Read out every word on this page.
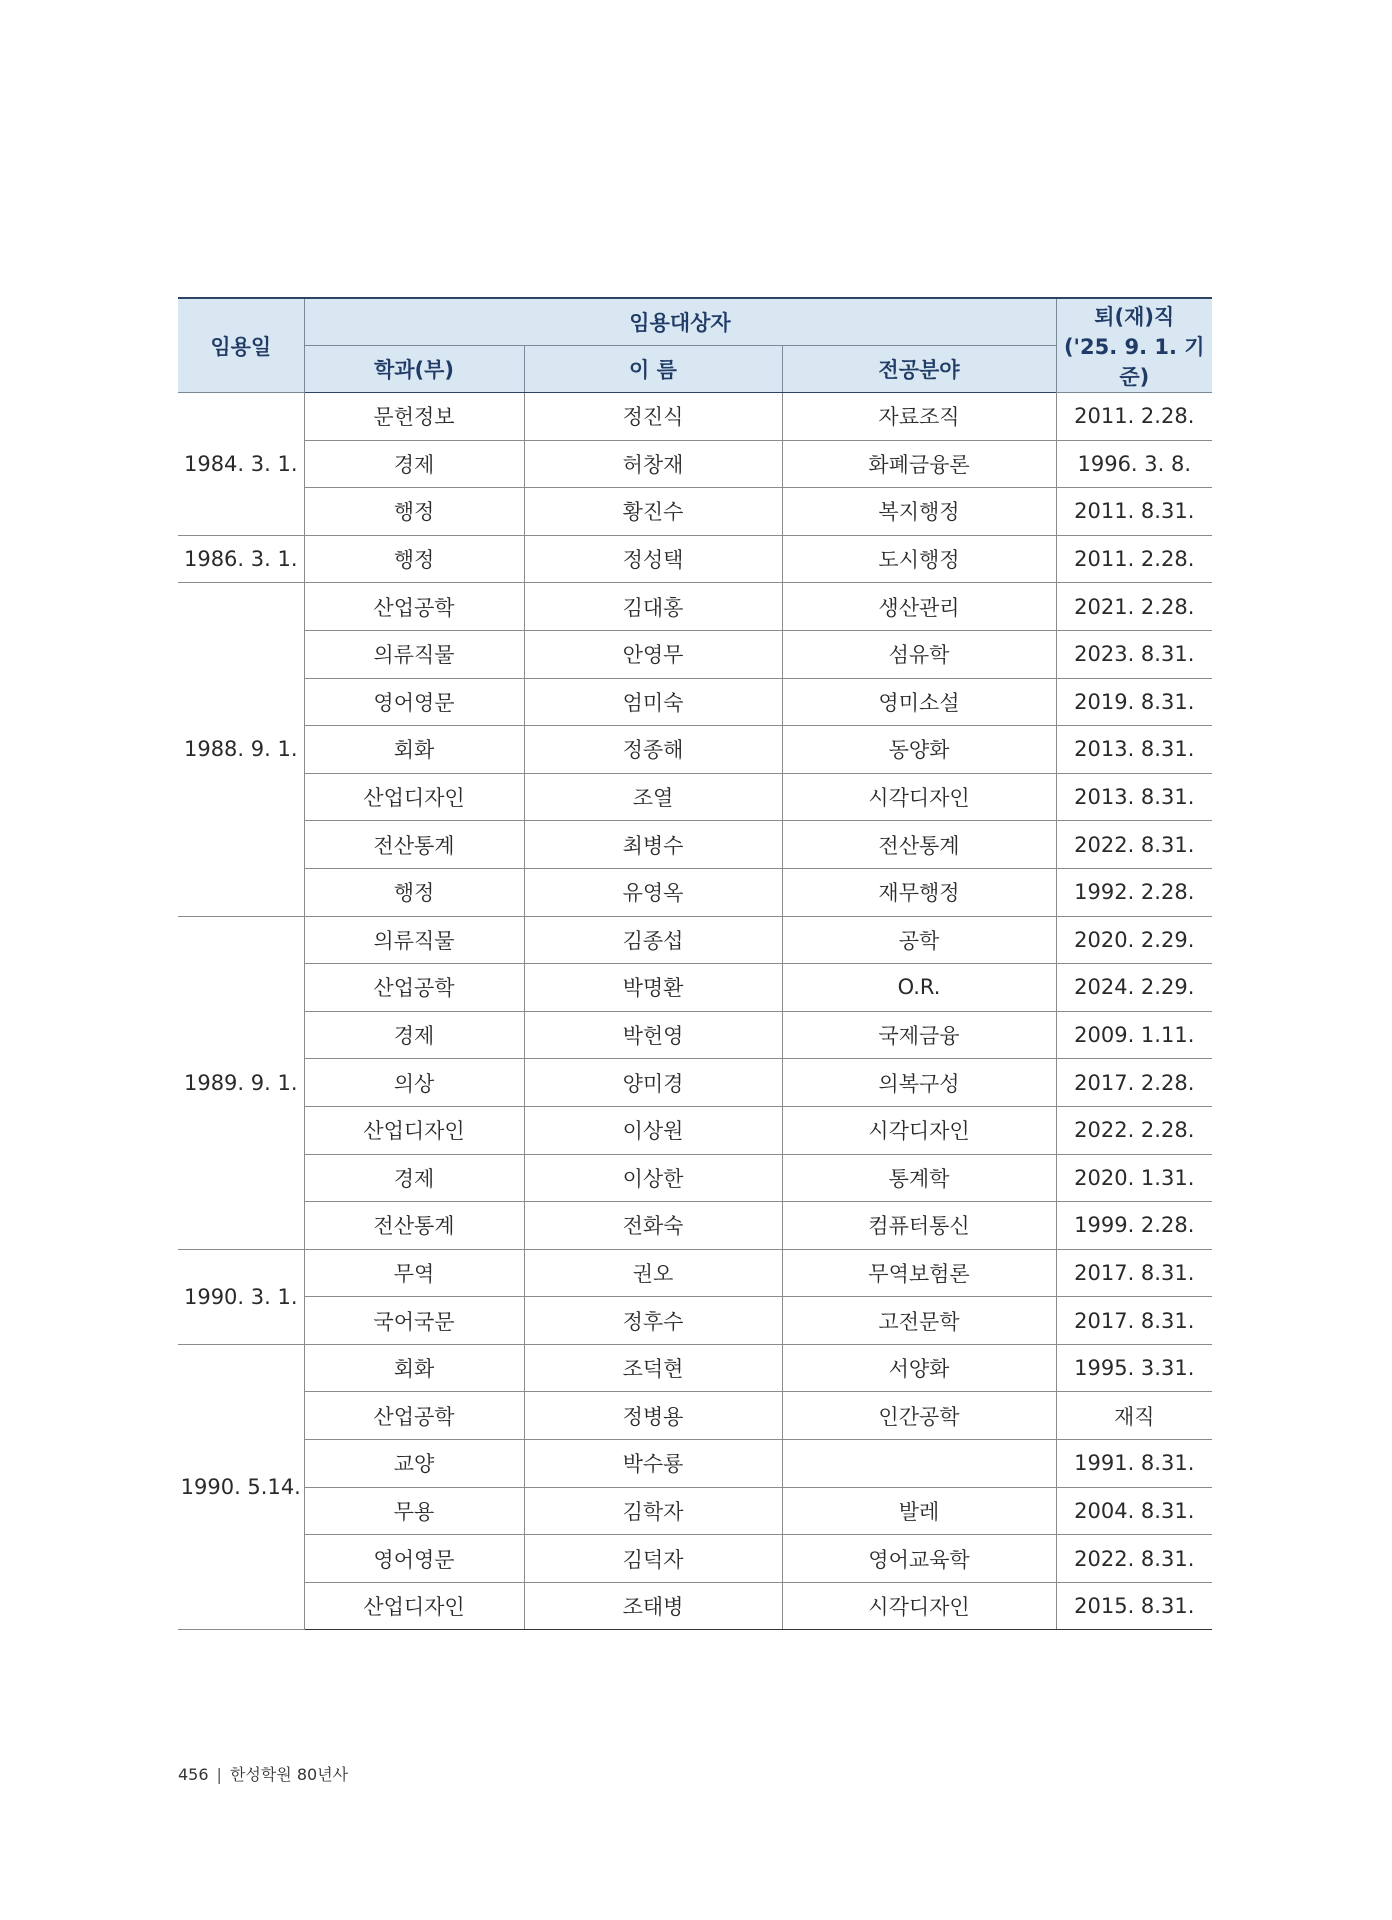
임용일	임용대상자			퇴(재)직
('25. 9. 1. 기준)

	학과(부)	이 름	전공분야	
1984. 3. 1.	문헌정보	정진식	자료조직	2011. 2.28.
	경제	허창재	화폐금융론	1996. 3. 8.
	행정	황진수	복지행정	2011. 8.31.
1986. 3. 1.	행정	정성택	도시행정	2011. 2.28.
1988. 9. 1.	산업공학	김대홍	생산관리	2021. 2.28.
	의류직물	안영무	섬유학	2023. 8.31.
	영어영문	엄미숙	영미소설	2019. 8.31.
	회화	정종해	동양화	2013. 8.31.
	산업디자인	조열	시각디자인	2013. 8.31.
	전산통계	최병수	전산통계	2022. 8.31.
	행정	유영옥	재무행정	1992. 2.28.
1989. 9. 1.	의류직물	김종섭	공학	2020. 2.29.
	산업공학	박명환	O.R.	2024. 2.29.
	경제	박헌영	국제금융	2009. 1.11.
	의상	양미경	의복구성	2017. 2.28.
	산업디자인	이상원	시각디자인	2022. 2.28.
	경제	이상한	통계학	2020. 1.31.
	전산통계	전화숙	컴퓨터통신	1999. 2.28.
1990. 3. 1.	무역	권오	무역보험론	2017. 8.31.
	국어국문	정후수	고전문학	2017. 8.31.
1990. 5.14.	회화	조덕현	서양화	1995. 3.31.
	산업공학	정병용	인간공학	재직
	교양	박수룡		1991. 8.31.
	무용	김학자	발레	2004. 8.31.
	영어영문	김덕자	영어교육학	2022. 8.31.
	산업디자인	조태병	시각디자인	2015. 8.31.
456 | 한성학원 80년사
